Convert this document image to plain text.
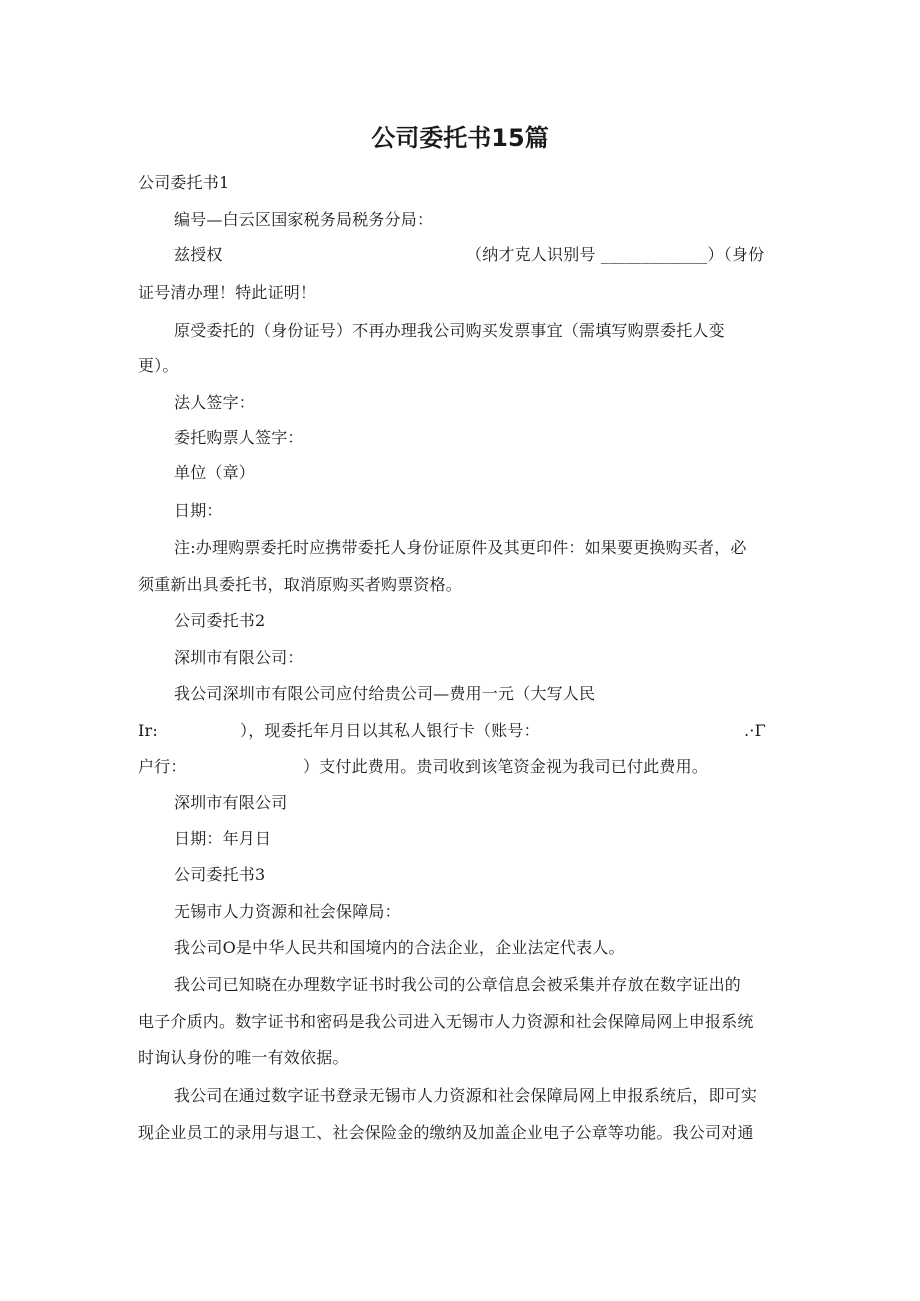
公司委托书15篇
公司委托书1
编号—白云区国家税务局税务分局：
兹授权	（纳才克人识别号 _____________）（身份
证号清办理！特此证明！
原受委托的（身份证号）不再办理我公司购买发票事宜（需填写购票委托人变
更）。
法人签字：
委托购票人签字：
单位（章）
日期：
注:办理购票委托时应携带委托人身份证原件及其更印件：如果要更换购买者，必
须重新出具委托书，取消原购买者购票资格。
公司委托书2
深圳市有限公司：
我公司深圳市有限公司应付给贵公司—费用一元（大写人民
Ir:	），现委托年月日以其私人银行卡（账号：	.·Γ
户行：	）支付此费用。贵司收到该笔资金视为我司已付此费用。
深圳市有限公司
日期：年月日
公司委托书3
无锡市人力资源和社会保障局：
我公司O是中华人民共和国境内的合法企业，企业法定代表人。
我公司已知晓在办理数字证书时我公司的公章信息会被采集并存放在数字证出的
电子介质内。数字证书和密码是我公司进入无锡市人力资源和社会保障局网上申报系统
时询认身份的唯一有效依据。
我公司在通过数字证书登录无锡市人力资源和社会保障局网上申报系统后，即可实
现企业员工的录用与退工、社会保险金的缴纳及加盖企业电子公章等功能。我公司对通
